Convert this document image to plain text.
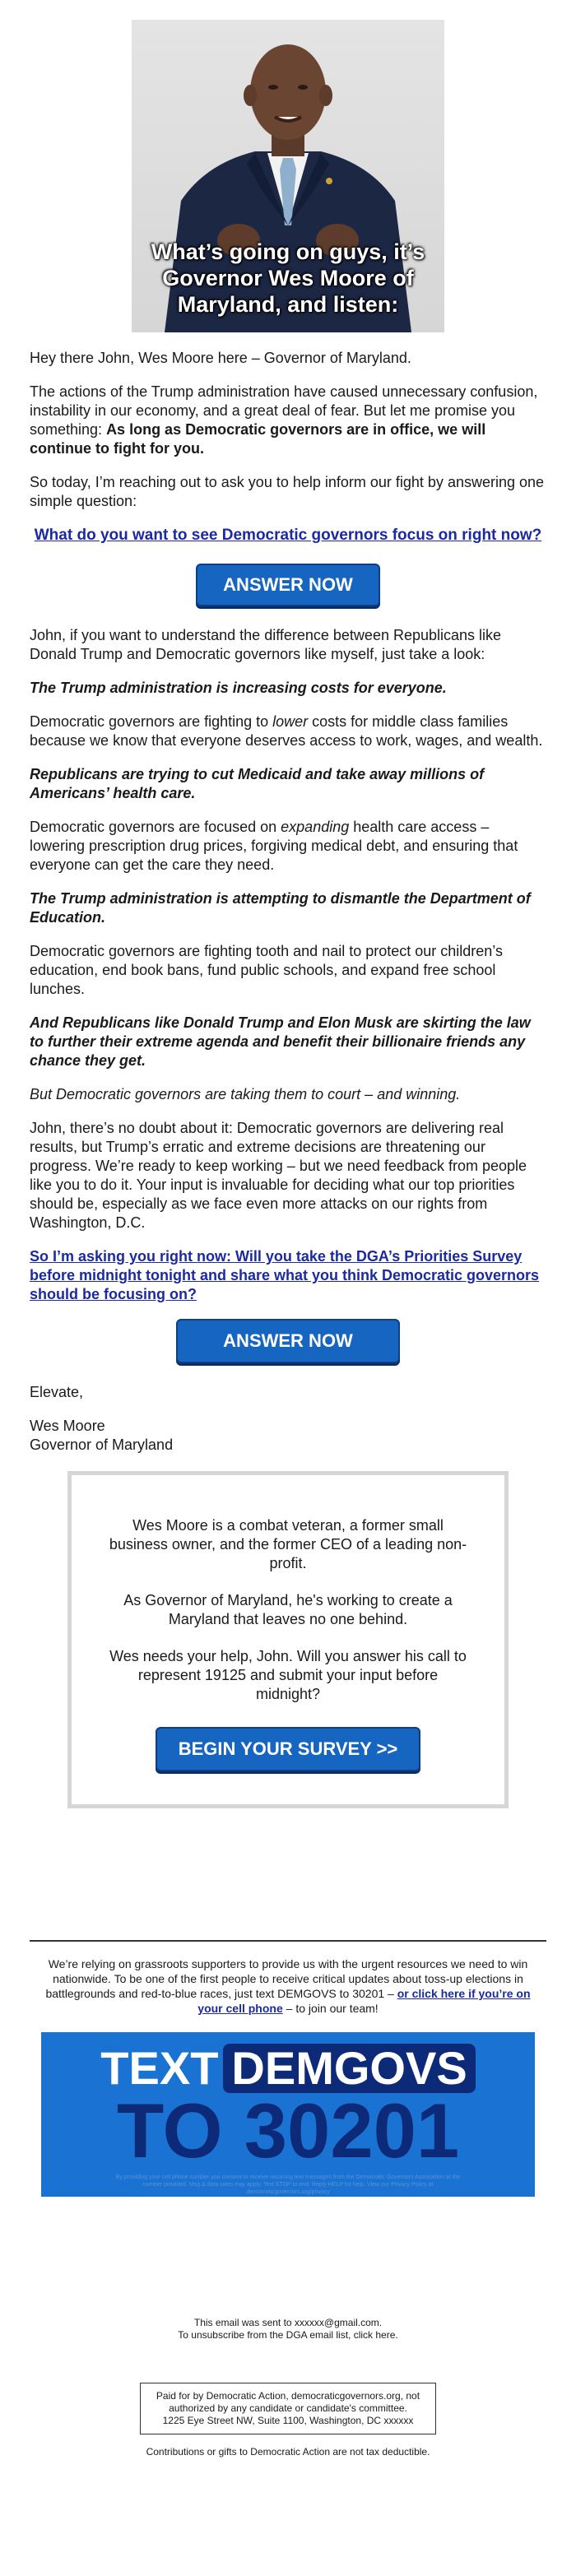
What’s going on guys, it’s Governor Wes Moore of Maryland, and listen:

Hey there John, Wes Moore here – Governor of Maryland.

The actions of the Trump administration have caused unnecessary confusion, instability in our economy, and a great deal of fear. But let me promise you something: As long as Democratic governors are in office, we will continue to fight for you.

So today, I’m reaching out to ask you to help inform our fight by answering one simple question:

What do you want to see Democratic governors focus on right now?
ANSWER NOW

John, if you want to understand the difference between Republicans like Donald Trump and Democratic governors like myself, just take a look:

The Trump administration is increasing costs for everyone.

Democratic governors are fighting to lower costs for middle class families because we know that everyone deserves access to work, wages, and wealth.

Republicans are trying to cut Medicaid and take away millions of Americans’ health care.

Democratic governors are focused on expanding health care access – lowering prescription drug prices, forgiving medical debt, and ensuring that everyone can get the care they need.

The Trump administration is attempting to dismantle the Department of Education.

Democratic governors are fighting tooth and nail to protect our children’s education, end book bans, fund public schools, and expand free school lunches.

And Republicans like Donald Trump and Elon Musk are skirting the law to further their extreme agenda and benefit their billionaire friends any chance they get.

But Democratic governors are taking them to court – and winning.

John, there’s no doubt about it: Democratic governors are delivering real results, but Trump’s erratic and extreme decisions are threatening our progress. We’re ready to keep working – but we need feedback from people like you to do it. Your input is invaluable for deciding what our top priorities should be, especially as we face even more attacks on our rights from Washington, D.C.

So I’m asking you right now: Will you take the DGA’s Priorities Survey before midnight tonight and share what you think Democratic governors should be focusing on?

ANSWER NOW

Elevate,

Wes Moore

Governor of Maryland

Wes Moore is a combat veteran, a former small business owner, and the former CEO of a leading non-profit.

As Governor of Maryland, he's working to create a Maryland that leaves no one behind.

Wes needs your help, John. Will you answer his call to represent 19125 and submit your input before midnight?

BEGIN YOUR SURVEY >>
We’re relying on grassroots supporters to provide us with the urgent resources we need to win nationwide. To be one of the first people to receive critical updates about toss-up elections in battlegrounds and red-to-blue races, just text DEMGOVS to 30201 – or click here if you’re on your cell phone – to join our team!
TEXT DEMGOVS
TO 30201
By providing your cell phone number you consent to receive recurring text messages from the Democratic Governors Association at the number provided. Msg & data rates may apply. Text STOP to end. Reply HELP for help. View our Privacy Policy at democraticgovernors.org/privacy
This email was sent to xxxxxx@gmail.com.
To unsubscribe from the DGA email list, click here.
Paid for by Democratic Action, democraticgovernors.org, not authorized by any candidate or candidate's committee.
1225 Eye Street NW, Suite 1100, Washington, DC xxxxxx
Contributions or gifts to Democratic Action are not tax deductible.
